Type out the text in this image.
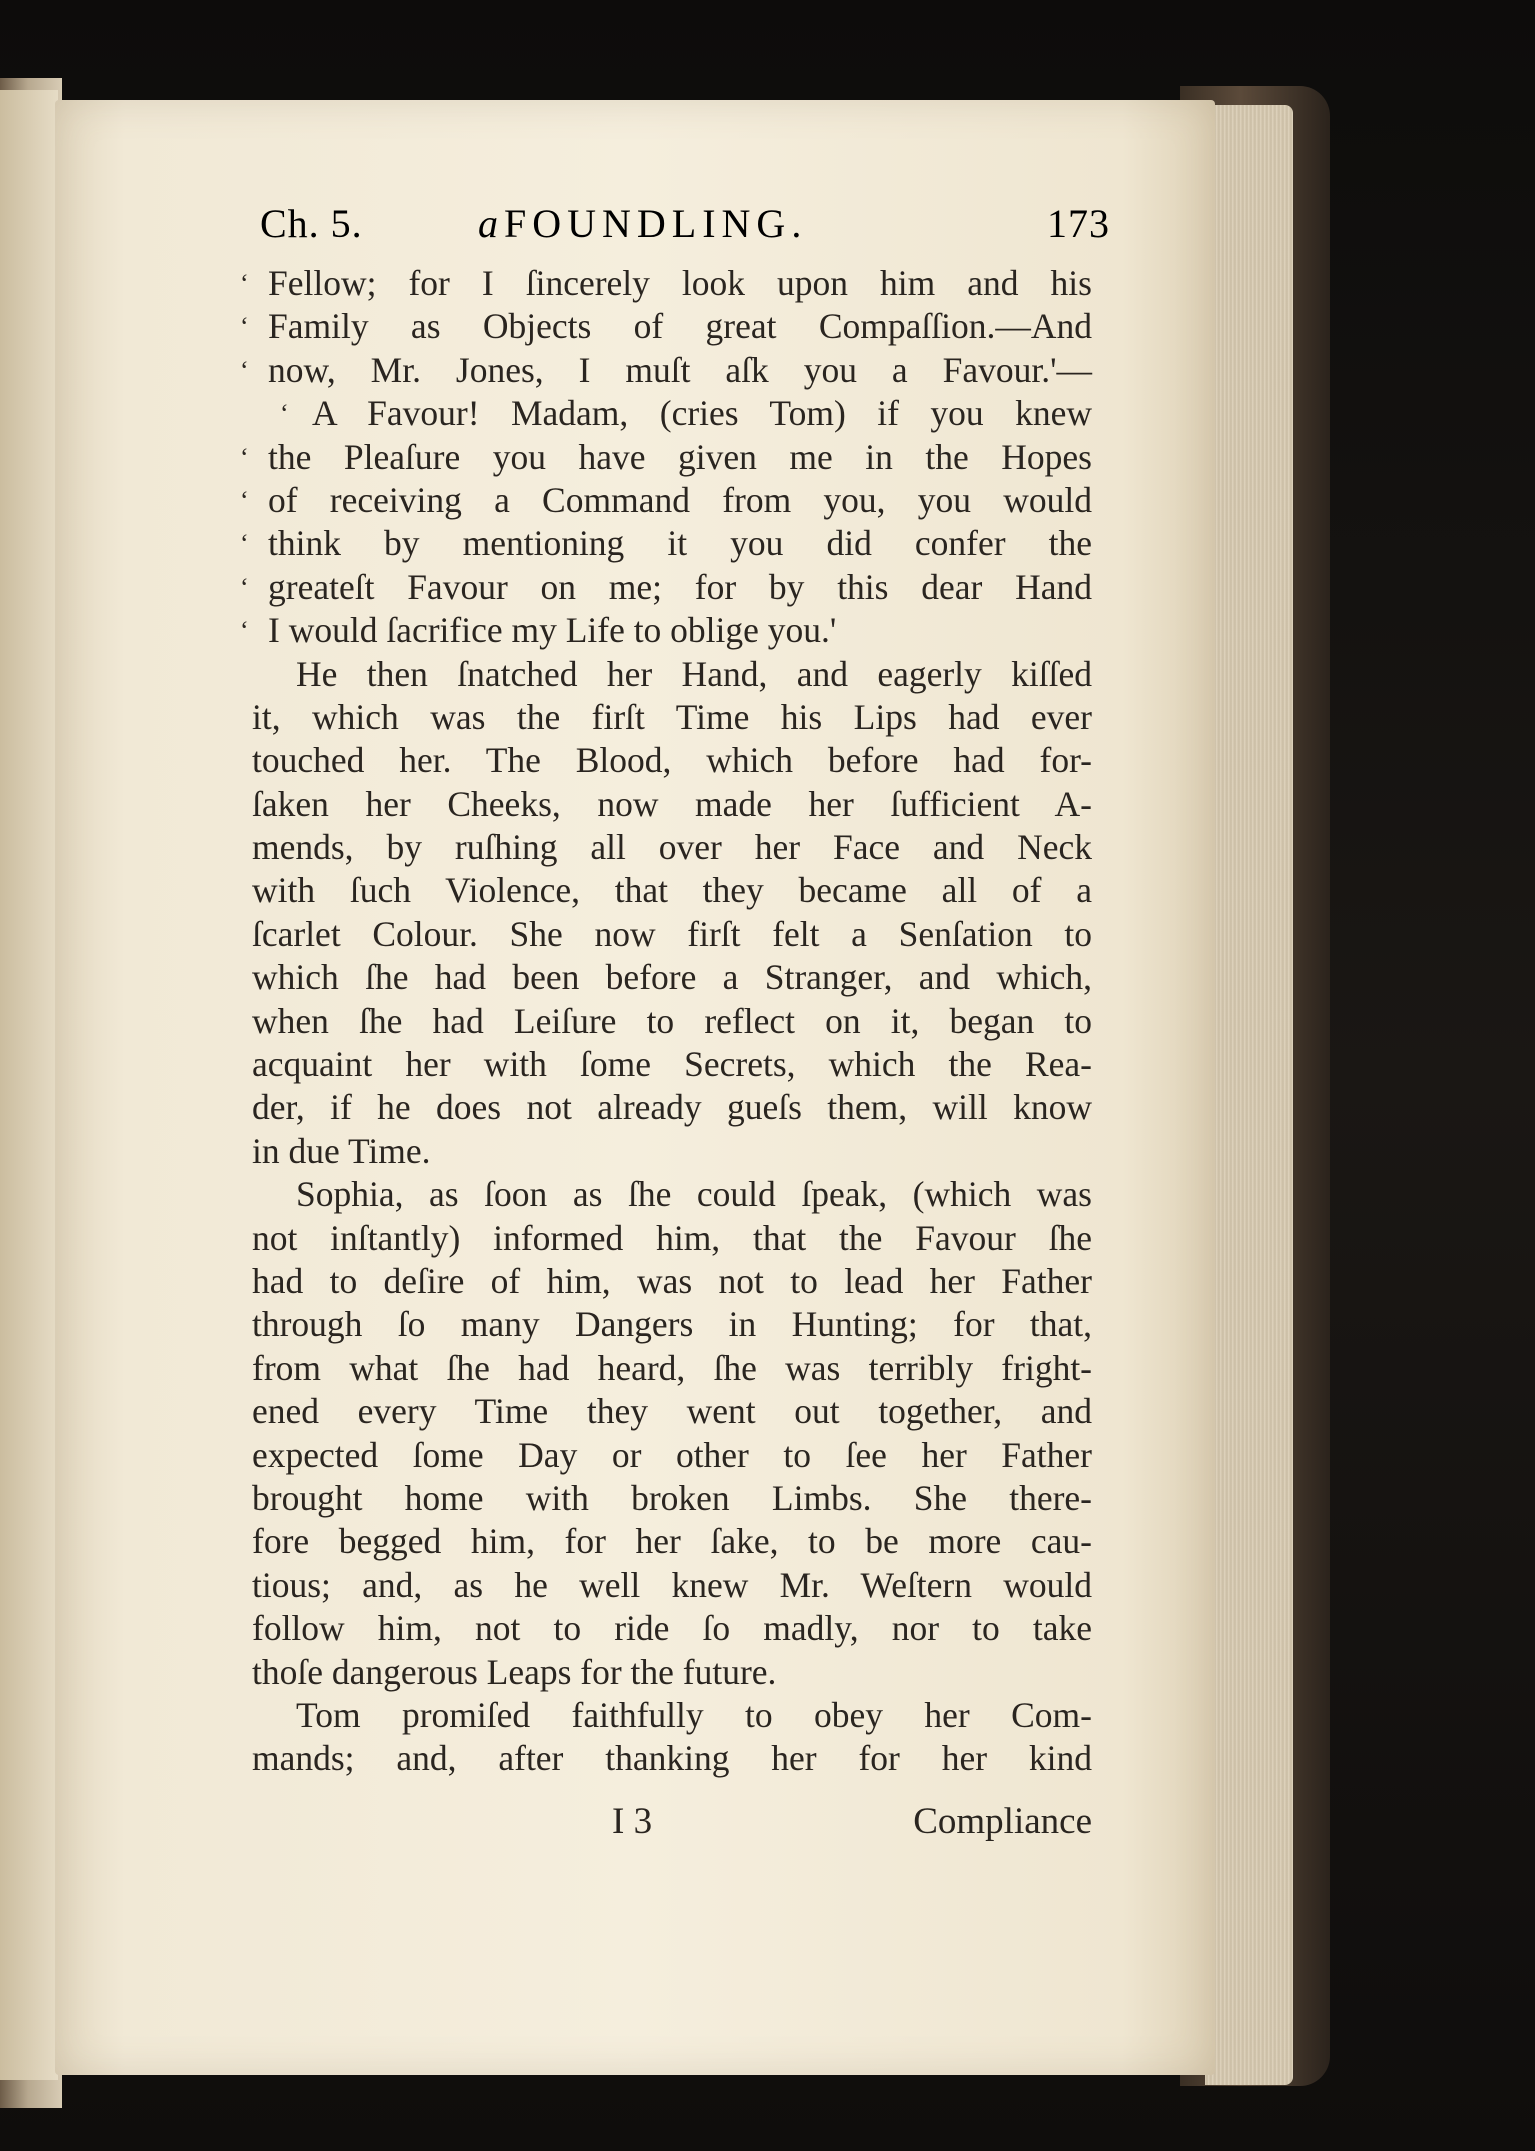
Ch. 5.	a FOUNDLING.	173
‘ Fellow; for I ſincerely look upon him and his
‘ Family as Objects of great Compaſſion.—And
‘ now, Mr. Jones, I muſt aſk you a Favour.'—
‘ A Favour! Madam, (cries Tom) if you knew
‘ the Pleaſure you have given me in the Hopes
‘ of receiving a Command from you, you would
‘ think by mentioning it you did confer the
‘ greateſt Favour on me; for by this dear Hand
‘ I would ſacrifice my Life to oblige you.'
He then ſnatched her Hand, and eagerly kiſſed
it, which was the firſt Time his Lips had ever
touched her. The Blood, which before had for-
ſaken her Cheeks, now made her ſufficient A-
mends, by ruſhing all over her Face and Neck
with ſuch Violence, that they became all of a
ſcarlet Colour. She now firſt felt a Senſation to
which ſhe had been before a Stranger, and which,
when ſhe had Leiſure to reflect on it, began to
acquaint her with ſome Secrets, which the Rea-
der, if he does not already gueſs them, will know
in due Time.
Sophia, as ſoon as ſhe could ſpeak, (which was
not inſtantly) informed him, that the Favour ſhe
had to deſire of him, was not to lead her Father
through ſo many Dangers in Hunting; for that,
from what ſhe had heard, ſhe was terribly fright-
ened every Time they went out together, and
expected ſome Day or other to ſee her Father
brought home with broken Limbs. She there-
fore begged him, for her ſake, to be more cau-
tious; and, as he well knew Mr. Weſtern would
follow him, not to ride ſo madly, nor to take
thoſe dangerous Leaps for the future.
Tom promiſed faithfully to obey her Com-
mands; and, after thanking her for her kind
I 3	Compliance
